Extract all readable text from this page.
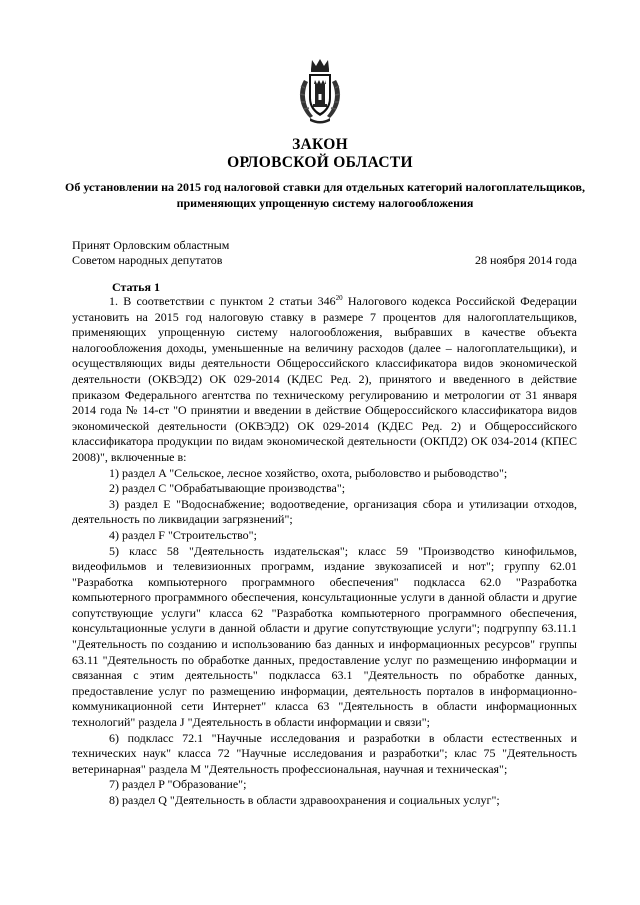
ЗАКОН
ОРЛОВСКОЙ ОБЛАСТИ
Об установлении на 2015 год налоговой ставки для отдельных категорий налогоплательщиков, применяющих упрощенную систему налогообложения
Принят Орловским областным
Советом народных депутатов	28 ноября 2014 года
Статья 1

1. В соответствии с пунктом 2 статьи $346^{20}$ Налогового кодекса Российской Федерации установить на 2015 год налоговую ставку в размере 7 процентов для налогоплательщиков, применяющих упрощенную систему налогообложения, выбравших в качестве объекта налогообложения доходы, уменьшенные на величину расходов (далее – налогоплательщики), и осуществляющих виды деятельности Общероссийского классификатора видов экономической деятельности (ОКВЭД2) ОК 029-2014 (КДЕС Ред. 2), принятого и введенного в действие приказом Федерального агентства по техническому регулированию и метрологии от 31 января 2014 года № 14-ст "О принятии и введении в действие Общероссийского классификатора видов экономической деятельности (ОКВЭД2) ОК 029-2014 (КДЕС Ред. 2) и Общероссийского классификатора продукции по видам экономической деятельности (ОКПД2) ОК 034-2014 (КПЕС 2008)", включенные в:

1) раздел A "Сельское, лесное хозяйство, охота, рыболовство и рыбоводство";

2) раздел C "Обрабатывающие производства";

3) раздел E "Водоснабжение; водоотведение, организация сбора и утилизации отходов, деятельность по ликвидации загрязнений";

4) раздел F "Строительство";

5) класс 58 "Деятельность издательская"; класс 59 "Производство кинофильмов, видеофильмов и телевизионных программ, издание звукозаписей и нот"; группу 62.01 "Разработка компьютерного программного обеспечения" подкласса 62.0 "Разработка компьютерного программного обеспечения, консультационные услуги в данной области и другие сопутствующие услуги" класса 62 "Разработка компьютерного программного обеспечения, консультационные услуги в данной области и другие сопутствующие услуги"; подгруппу 63.11.1 "Деятельность по созданию и использованию баз данных и информационных ресурсов" группы 63.11 "Деятельность по обработке данных, предоставление услуг по размещению информации и связанная с этим деятельность" подкласса 63.1 "Деятельность по обработке данных, предоставление услуг по размещению информации, деятельность порталов в информационно-коммуникационной сети Интернет" класса 63 "Деятельность в области информационных технологий" раздела J "Деятельность в области информации и связи";

6) подкласс 72.1 "Научные исследования и разработки в области естественных и технических наук" класса 72 "Научные исследования и разработки"; клас 75 "Деятельность ветеринарная" раздела M "Деятельность профессиональная, научная и техническая";

7) раздел P "Образование";

8) раздел Q "Деятельность в области здравоохранения и социальных услуг";
